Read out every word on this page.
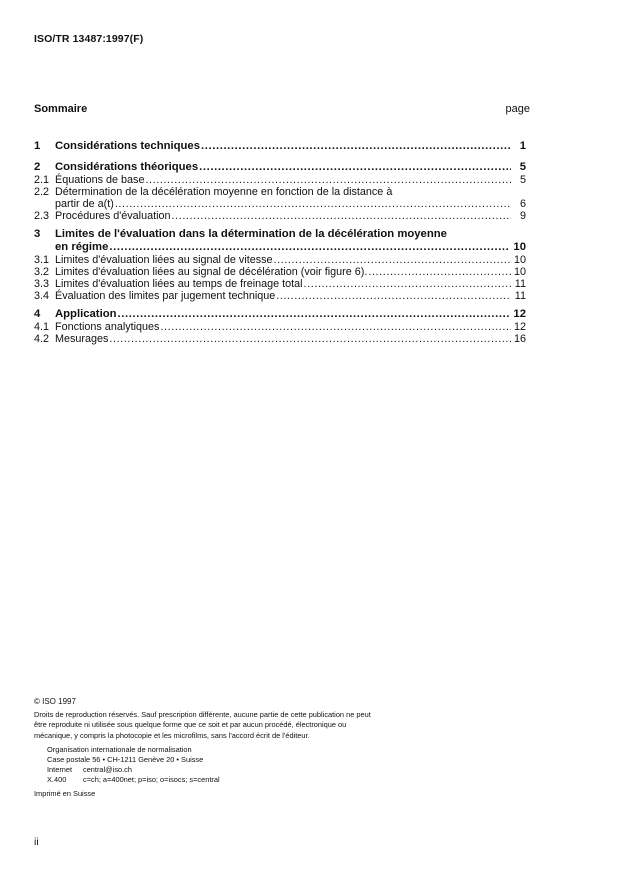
ISO/TR 13487:1997(F)
Sommaire	page
1	Considérations techniques .....	1
2	Considérations théoriques .....	5
2.1 Équations de base .....	5
2.2 Détermination de la décélération moyenne en fonction de la distance à
partir de a(t) .....	6
2.3 Procédures d'évaluation .....	9
3 Limites de l'évaluation dans la détermination de la décélération moyenne
en régime .....	10
3.1 Limites d'évaluation liées au signal de vitesse .....	10
3.2 Limites d'évaluation liées au signal de décélération (voir figure 6). .....	10
3.3 Limites d'évaluation liées au temps de freinage total .....	11
3.4 Évaluation des limites par jugement technique .....	11
4	Application .....	12
4.1 Fonctions analytiques .....	12
4.2 Mesurages .....	16
© ISO 1997
Droits de reproduction réservés. Sauf prescription différente, aucune partie de cette publication ne peut être reproduite ni utilisée sous quelque forme que ce soit et par aucun procédé, électronique ou mécanique, y compris la photocopie et les microfilms, sans l'accord écrit de l'éditeur.
Organisation internationale de normalisation
Case postale 56 • CH-1211 Genève 20 • Suisse
Internet	central@iso.ch
X.400	c=ch; a=400net; p=iso; o=isocs; s=central
Imprimé en Suisse
ii
